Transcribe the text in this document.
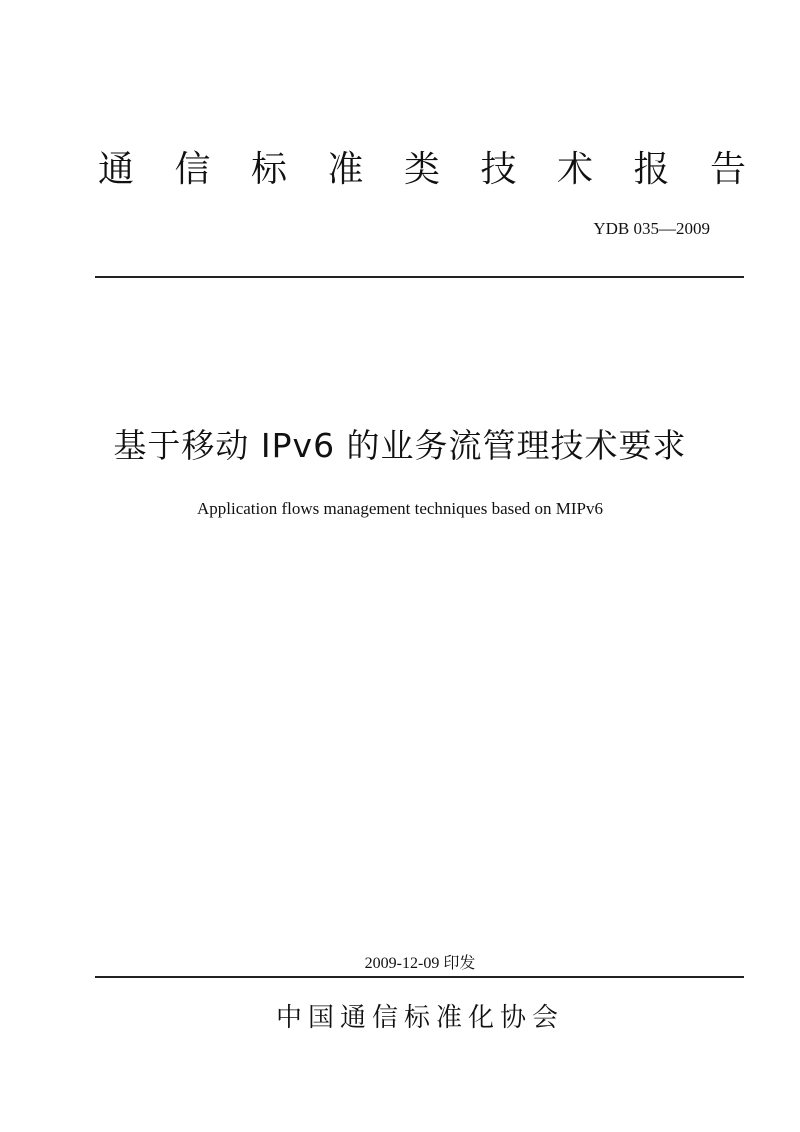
通 信 标 准 类 技 术 报 告
YDB 035—2009
基于移动 IPv6 的业务流管理技术要求
Application flows management techniques based on MIPv6
2009-12-09 印发
中国通信标准化协会
